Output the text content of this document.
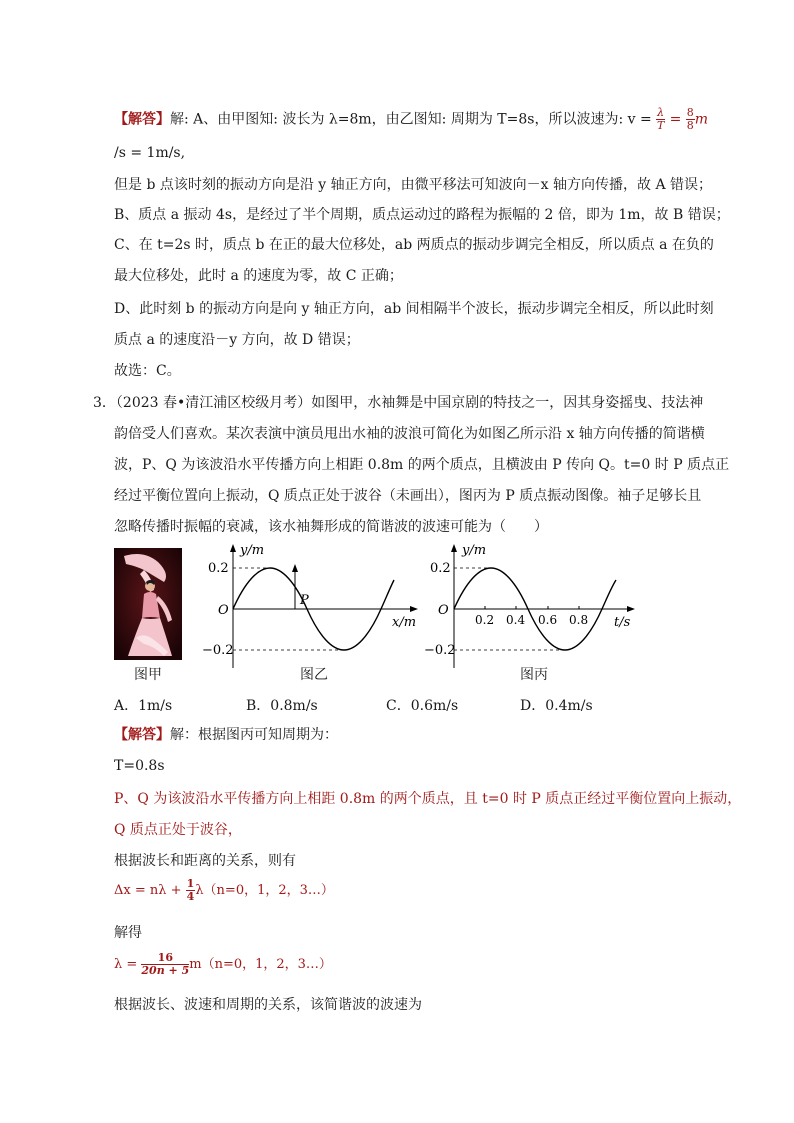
【解答】解: A、由甲图知: 波长为 λ=8m，由乙图知: 周期为 T=8s，所以波速为: $v = \frac{\lambda}{T} = \frac{8}{8}$ m
/s = 1m/s,
但是 b 点该时刻的振动方向是沿 y 轴正方向，由微平移法可知波向－x 轴方向传播，故 A 错误；
B、质点 a 振动 4s，是经过了半个周期，质点运动过的路程为振幅的 2 倍，即为 1m，故 B 错误；
C、在 t=2s 时，质点 b 在正的最大位移处，ab 两质点的振动步调完全相反，所以质点 a 在负的
最大位移处，此时 a 的速度为零，故 C 正确；
D、此时刻 b 的振动方向是向 y 轴正方向，ab 间相隔半个波长，振动步调完全相反，所以此时刻
质点 a 的速度沿－y 方向，故 D 错误；
故选：C。
3．（2023 春•清江浦区校级月考）如图甲，水袖舞是中国京剧的特技之一，因其身姿摇曳、技法神
韵倍受人们喜欢。某次表演中演员甩出水袖的波浪可简化为如图乙所示沿 x 轴方向传播的简谐横
波，P、Q 为该波沿水平传播方向上相距 0.8m 的两个质点，且横波由 P 传向 Q。t=0 时 P 质点正
经过平衡位置向上振动，Q 质点正处于波谷（未画出），图丙为 P 质点振动图像。袖子足够长且
忽略传播时振幅的衰减，该水袖舞形成的简谐波的波速可能为（　　）
y/m
0.2
−0.2
O
P
x/m
y/m
0.2
−0.2
O
0.2 0.4 0.6 0.8 t/s
图甲	图乙	图丙
A．1m/s	B．0.8m/s	C．0.6m/s	D．0.4m/s
【解答】解：根据图丙可知周期为：
T=0.8s
P、Q 为该波沿水平传播方向上相距 0.8m 的两个质点，且 t=0 时 P 质点正经过平衡位置向上振动，
Q 质点正处于波谷，
根据波长和距离的关系，则有
$\Delta x = n\lambda + \frac{1}{4} \lambda(n=0$，1，2，3…）
解得
$\lambda = \frac{16}{20n + 5} m(n=0$，1，2，3…）
根据波长、波速和周期的关系，该简谐波的波速为
